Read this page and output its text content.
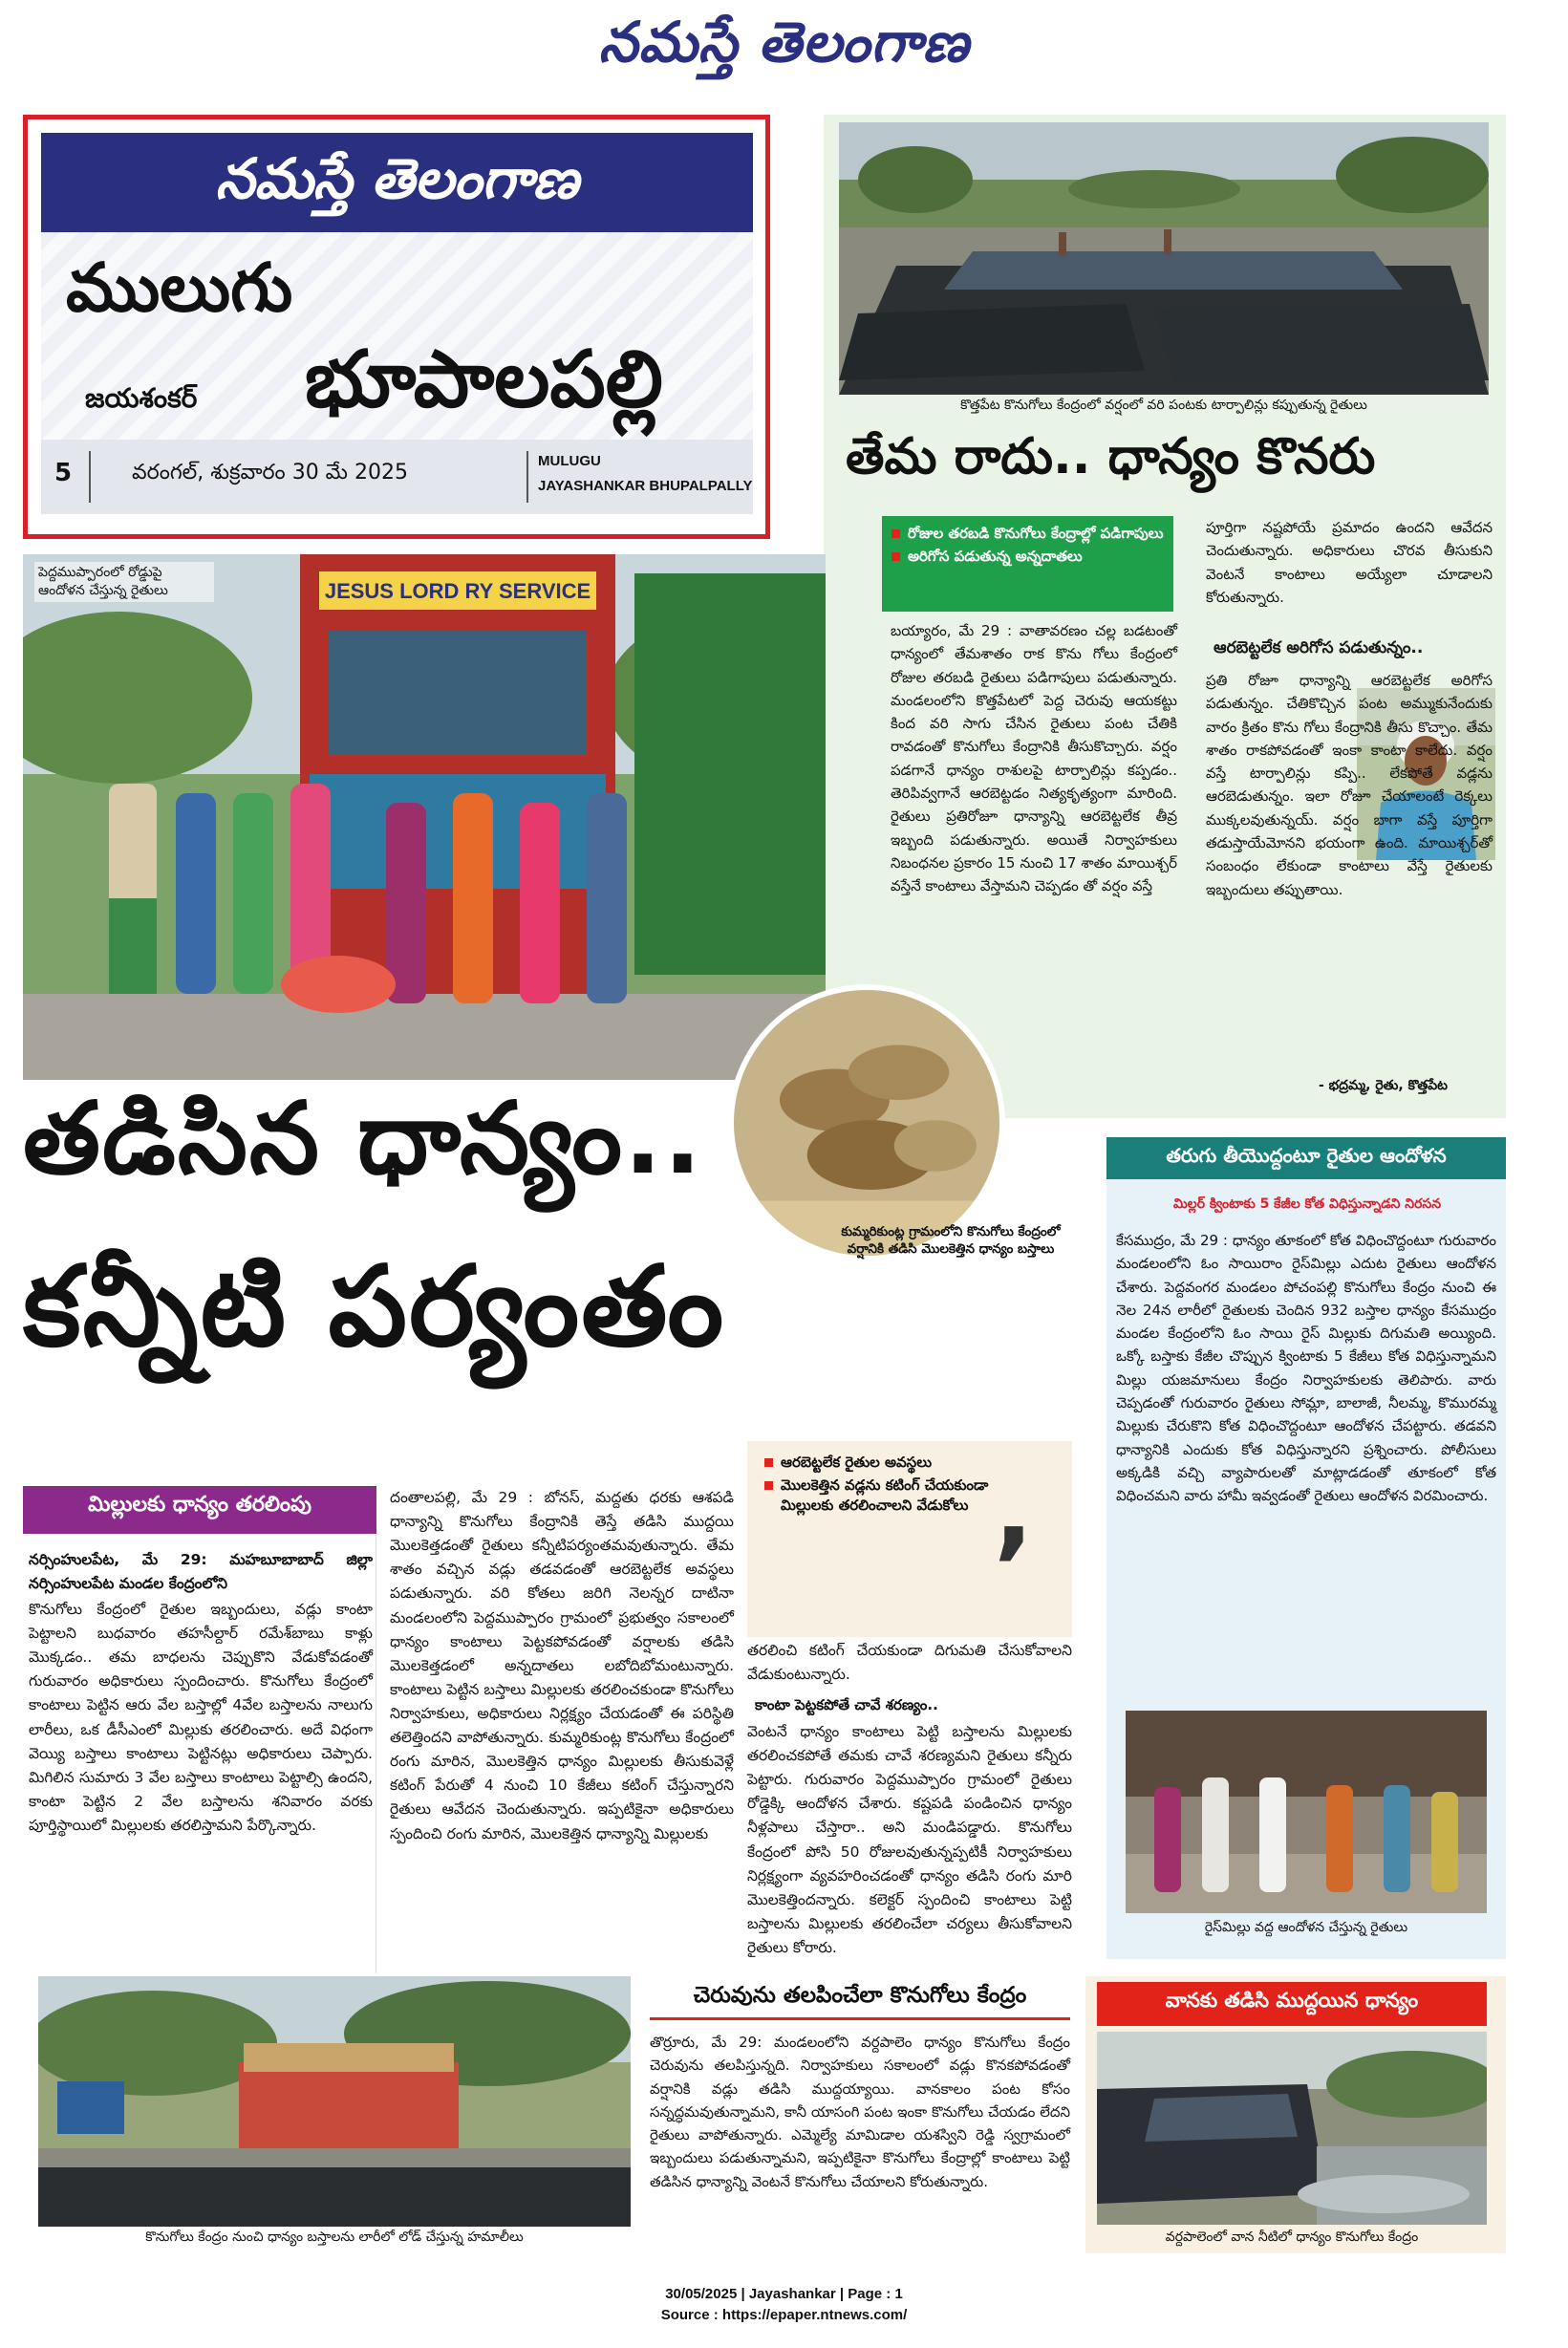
నమస్తే తెలంగాణ
నమస్తే తెలంగాణ
ములుగు
జయశంకర్ భూపాలపల్లి
5	వరంగల్, శుక్రవారం 30 మే 2025	MULUGU
JAYASHANKAR BHUPALPALLY
కొత్తపేట కొనుగోలు కేంద్రంలో వర్షంలో వరి పంటకు టార్పాలిన్లు కప్పుతున్న రైతులు
తేమ రాదు.. ధాన్యం కొనరు
రోజుల తరబడి కొనుగోలు కేంద్రాల్లో పడిగాపులు
అరిగోస పడుతున్న అన్నదాతలు
బయ్యారం, మే 29 : వాతావరణం చల్ల బడటంతో ధాన్యంలో తేమశాతం రాక కొను గోలు కేంద్రంలో రోజుల తరబడి రైతులు పడిగాపులు పడుతున్నారు. మండలంలోని కొత్తపేటలో పెద్ద చెరువు ఆయకట్టు కింద వరి సాగు చేసిన రైతులు పంట చేతికి రావడంతో కొనుగోలు కేంద్రానికి తీసుకొచ్చారు. వర్షం పడగానే ధాన్యం రాశులపై టార్పాలిన్లు కప్పడం.. తెరిపివ్వగానే ఆరబెట్టడం నిత్యకృత్యంగా మారింది. రైతులు ప్రతిరోజూ ధాన్యాన్ని ఆరబెట్టలేక తీవ్ర ఇబ్బంది పడుతున్నారు. అయితే నిర్వాహకులు నిబంధనల ప్రకారం 15 నుంచి 17 శాతం మాయిశ్చర్ వస్తేనే కాంటాలు వేస్తామని చెప్పడం తో వర్షం వస్తే
పూర్తిగా నష్టపోయే ప్రమాదం ఉందని ఆవేదన చెందుతున్నారు. అధికారులు చొరవ తీసుకుని వెంటనే కాంటాలు అయ్యేలా చూడాలని కోరుతున్నారు.
ఆరబెట్టలేక అరిగోస పడుతున్నం..
ప్రతి రోజూ ధాన్యాన్ని ఆరబెట్టలేక అరిగోస పడుతున్నం. చేతికొచ్చిన పంట అమ్ముకునేందుకు వారం క్రితం కొను గోలు కేంద్రానికి తీసు కొచ్చాం. తేమ శాతం రాకపోవడంతో ఇంకా కాంటా కాలేదు. వర్షం వస్తే టార్పాలిన్లు కప్పి.. లేకపోతే వడ్లను ఆరబెడుతున్నం. ఇలా రోజూ చేయాలంటే రెక్కలు ముక్కలవుతున్నయ్. వర్షం బాగా వస్తే పూర్తిగా తడుస్తాయేమోనని భయంగా ఉంది. మాయిశ్చర్‌తో సంబంధం లేకుండా కాంటాలు వేస్తే రైతులకు ఇబ్బందులు తప్పుతాయి.
- భద్రమ్మ, రైతు, కొత్తపేట
JESUS LORD RY SERVICE
పెద్దముప్పారంలో రోడ్డుపై ఆందోళన చేస్తున్న రైతులు
కుమ్మరికుంట్ల గ్రామంలోని కొనుగోలు కేంద్రంలో వర్షానికి తడిసి మొలకెత్తిన ధాన్యం బస్తాలు
తడిసిన ధాన్యం..
కన్నీటి పర్యంతం
తరుగు తీయొద్దంటూ రైతుల ఆందోళన
మిల్లర్ క్వింటాకు 5 కేజీల కోత విధిస్తున్నాడని నిరసన
కేసముద్రం, మే 29 : ధాన్యం తూకంలో కోత విధించొద్దంటూ గురువారం మండలంలోని ఓం సాయిరాం రైస్‌మిల్లు ఎదుట రైతులు ఆందోళన చేశారు. పెద్దవంగర మండలం పోచంపల్లి కొనుగోలు కేంద్రం నుంచి ఈ నెల 24న లారీలో రైతులకు చెందిన 932 బస్తాల ధాన్యం కేసముద్రం మండల కేంద్రంలోని ఓం సాయి రైస్ మిల్లుకు దిగుమతి అయ్యింది. ఒక్కో బస్తాకు కేజీల చొప్పున క్వింటాకు 5 కేజీలు కోత విధిస్తున్నామని మిల్లు యజమానులు కేంద్రం నిర్వాహకులకు తెలిపారు. వారు చెప్పడంతో గురువారం రైతులు సోమ్లా, బాలాజీ, నీలమ్మ, కొమురమ్మ మిల్లుకు చేరుకొని కోత విధించొద్దంటూ ఆందోళన చేపట్టారు. తడవని ధాన్యానికి ఎందుకు కోత విధిస్తున్నారని ప్రశ్నించారు. పోలీసులు అక్కడికి వచ్చి వ్యాపారులతో మాట్లాడడంతో తూకంలో కోత విధించమని వారు హామీ ఇవ్వడంతో రైతులు ఆందోళన విరమించారు.
రైస్‌మిల్లు వద్ద ఆందోళన చేస్తున్న రైతులు
మిల్లులకు ధాన్యం తరలింపు
నర్సింహులపేట, మే 29: మహబూబాబాద్ జిల్లా నర్సింహులపేట మండల కేంద్రంలోని
కొనుగోలు కేంద్రంలో రైతుల ఇబ్బందులు, వడ్లు కాంటా పెట్టాలని బుధవారం తహసీల్దార్ రమేశ్‌బాబు కాళ్లు మొక్కడం.. తమ బాధలను చెప్పుకొని వేడుకోవడంతో గురువారం అధికారులు స్పందించారు. కొనుగోలు కేంద్రంలో కాంటాలు పెట్టిన ఆరు వేల బస్తాల్లో 4వేల బస్తాలను నాలుగు లారీలు, ఒక డీసీఎంలో మిల్లుకు తరలించారు. అదే విధంగా వెయ్యి బస్తాలు కాంటాలు పెట్టినట్లు అధికారులు చెప్పారు. మిగిలిన సుమారు 3 వేల బస్తాలు కాంటాలు పెట్టాల్సి ఉందని, కాంటా పెట్టిన 2 వేల బస్తాలను శనివారం వరకు పూర్తిస్థాయిలో మిల్లులకు తరలిస్తామని పేర్కొన్నారు.
దంతాలపల్లి, మే 29 : బోనస్, మద్దతు ధరకు ఆశపడి ధాన్యాన్ని కొనుగోలు కేంద్రానికి తెస్తే తడిసి ముద్దయి మొలకెత్తడంతో రైతులు కన్నీటిపర్యంతమవుతున్నారు. తేమ శాతం వచ్చిన వడ్లు తడవడంతో ఆరబెట్టలేక అవస్థలు పడుతున్నారు. వరి కోతలు జరిగి నెలన్నర దాటినా మండలంలోని పెద్దముప్పారం గ్రామంలో ప్రభుత్వం సకాలంలో ధాన్యం కాంటాలు పెట్టకపోవడంతో వర్షాలకు తడిసి మొలకెత్తడంలో అన్నదాతలు లబోదిబోమంటున్నారు. కాంటాలు పెట్టిన బస్తాలు మిల్లులకు తరలించకుండా కొనుగోలు నిర్వాహకులు, అధికారులు నిర్లక్ష్యం చేయడంతో ఈ పరిస్థితి తలెత్తిందని వాపోతున్నారు. కుమ్మరికుంట్ల కొనుగోలు కేంద్రంలో రంగు మారిన, మొలకెత్తిన ధాన్యం మిల్లులకు తీసుకువెళ్లే కటింగ్ పేరుతో 4 నుంచి 10 కేజీలు కటింగ్ చేస్తున్నారని రైతులు ఆవేదన చెందుతున్నారు. ఇప్పటికైనా అధికారులు స్పందించి రంగు మారిన, మొలకెత్తిన ధాన్యాన్ని మిల్లులకు
ఆరబెట్టలేక రైతుల అవస్థలు
మొలకెత్తిన వడ్లను కటింగ్ చేయకుండా మిల్లులకు తరలించాలని వేడుకోలు ,
తరలించి కటింగ్ చేయకుండా దిగుమతి చేసుకోవాలని వేడుకుంటున్నారు.
కాంటా పెట్టకపోతే చావే శరణ్యం..
వెంటనే ధాన్యం కాంటాలు పెట్టి బస్తాలను మిల్లులకు తరలించకపోతే తమకు చావే శరణ్యమని రైతులు కన్నీరు పెట్టారు. గురువారం పెద్దముప్పారం గ్రామంలో రైతులు రోడ్డెక్కి ఆందోళన చేశారు. కష్టపడి పండించిన ధాన్యం నీళ్లపాలు చేస్తారా.. అని మండిపడ్డారు. కొనుగోలు కేంద్రంలో పోసి 50 రోజులవుతున్నప్పటికీ నిర్వాహకులు నిర్లక్ష్యంగా వ్యవహరించడంతో ధాన్యం తడిసి రంగు మారి మొలకెత్తిందన్నారు. కలెక్టర్ స్పందించి కాంటాలు పెట్టి బస్తాలను మిల్లులకు తరలించేలా చర్యలు తీసుకోవాలని రైతులు కోరారు.
కొనుగోలు కేంద్రం నుంచి ధాన్యం బస్తాలను లారీలో లోడ్ చేస్తున్న హమాలీలు
చెరువును తలపించేలా కొనుగోలు కేంద్రం
తొర్రూరు, మే 29: మండలంలోని వర్దపాలెం ధాన్యం కొనుగోలు కేంద్రం చెరువును తలపిస్తున్నది. నిర్వాహకులు సకాలంలో వడ్లు కొనకపోవడంతో వర్షానికి వడ్లు తడిసి ముద్దయ్యాయి. వానకాలం పంట కోసం సన్నద్ధమవుతున్నామని, కానీ యాసంగి పంట ఇంకా కొనుగోలు చేయడం లేదని రైతులు వాపోతున్నారు. ఎమ్మెల్యే మామిడాల యశస్విని రెడ్డి స్వగ్రామంలో ఇబ్బందులు పడుతున్నామని, ఇప్పటికైనా కొనుగోలు కేంద్రాల్లో కాంటాలు పెట్టి తడిసిన ధాన్యాన్ని వెంటనే కొనుగోలు చేయాలని కోరుతున్నారు.
వానకు తడిసి ముద్దయిన ధాన్యం
వర్దపాలెంలో వాన నీటిలో ధాన్యం కొనుగోలు కేంద్రం
30/05/2025 | Jayashankar | Page : 1
Source : https://epaper.ntnews.com/
